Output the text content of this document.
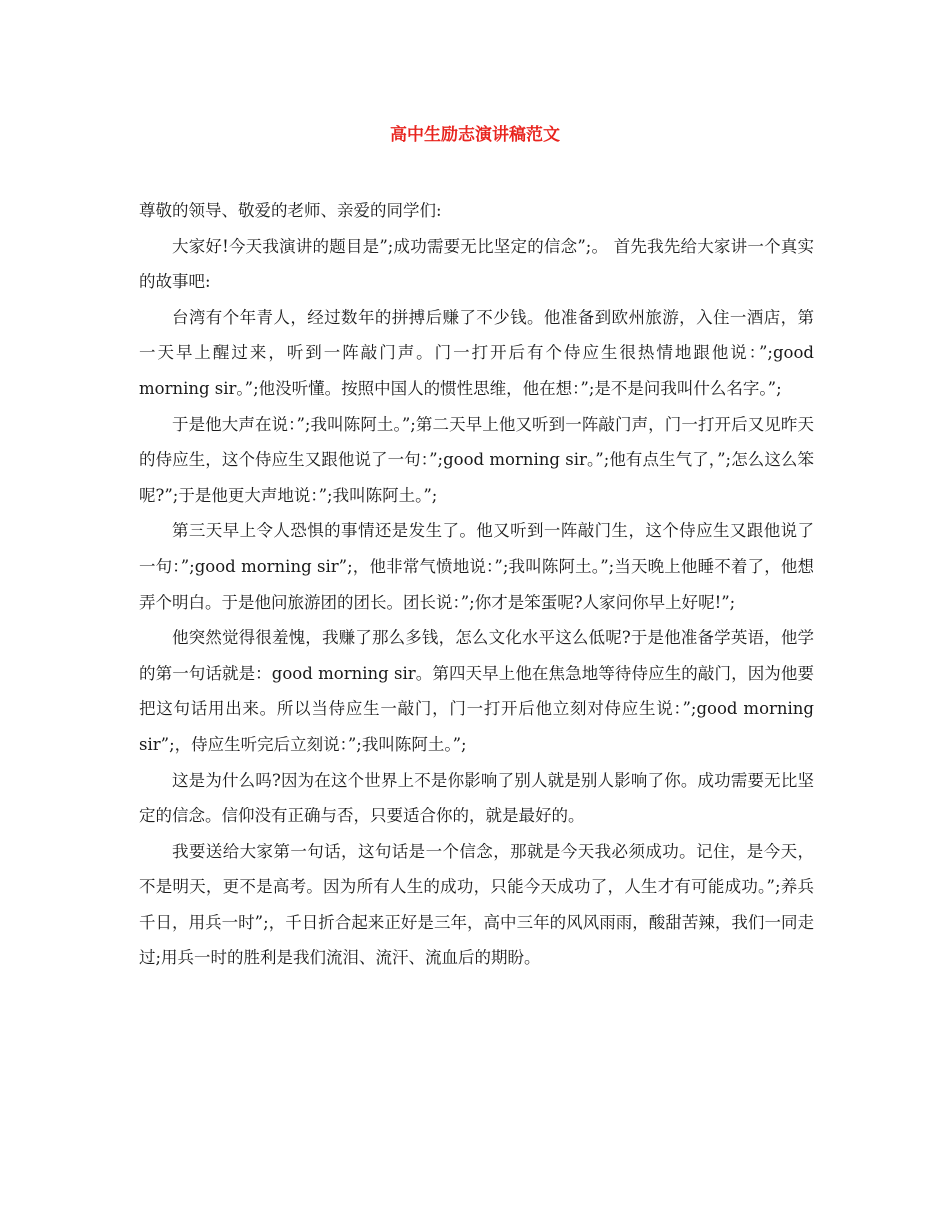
高中生励志演讲稿范文

尊敬的领导、敬爱的老师、亲爱的同学们:

大家好!今天我演讲的题目是”;成功需要无比坚定的信念”;。 首先我先给大家讲一个真实的故事吧:

台湾有个年青人，经过数年的拼搏后赚了不少钱。他准备到欧州旅游，入住一酒店，第一天早上醒过来，听到一阵敲门声。门一打开后有个侍应生很热情地跟他说：”;good morning sir。”;他没听懂。按照中国人的惯性思维，他在想：”;是不是问我叫什么名字。”;

于是他大声在说：”;我叫陈阿土。”;第二天早上他又听到一阵敲门声，门一打开后又见昨天的侍应生，这个侍应生又跟他说了一句：”;good morning sir。”;他有点生气了，”;怎么这么笨呢?”;于是他更大声地说：”;我叫陈阿土。”;

第三天早上令人恐惧的事情还是发生了。他又听到一阵敲门生，这个侍应生又跟他说了一句：”;good morning sir”;，他非常气愤地说：”;我叫陈阿土。”;当天晚上他睡不着了，他想弄个明白。于是他问旅游团的团长。团长说：”;你才是笨蛋呢?人家问你早上好呢!”;

他突然觉得很羞愧，我赚了那么多钱，怎么文化水平这么低呢?于是他准备学英语，他学的第一句话就是：good morning sir。第四天早上他在焦急地等待侍应生的敲门，因为他要把这句话用出来。所以当侍应生一敲门，门一打开后他立刻对侍应生说：”;good morning sir”;，侍应生听完后立刻说：”;我叫陈阿土。”;

这是为什么吗?因为在这个世界上不是你影响了别人就是别人影响了你。成功需要无比坚定的信念。信仰没有正确与否，只要适合你的，就是最好的。

我要送给大家第一句话，这句话是一个信念，那就是今天我必须成功。记住，是今天，不是明天，更不是高考。因为所有人生的成功，只能今天成功了，人生才有可能成功。”;养兵千日，用兵一时”;，千日折合起来正好是三年，高中三年的风风雨雨，酸甜苦辣，我们一同走过;用兵一时的胜利是我们流泪、流汗、流血后的期盼。
